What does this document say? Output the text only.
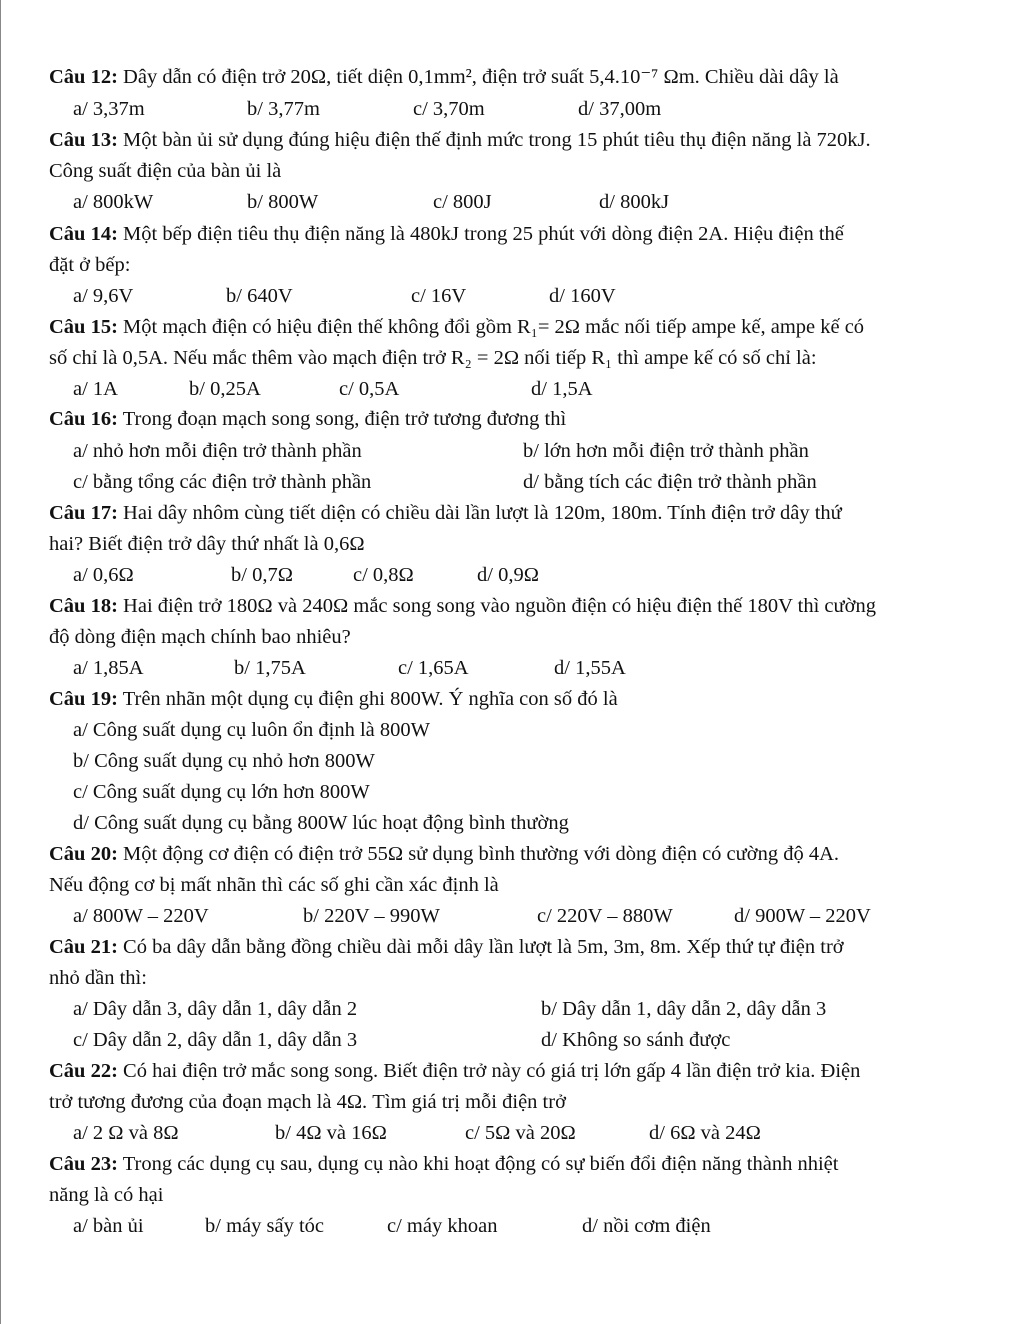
Câu 12: Dây dẫn có điện trở 20Ω, tiết diện 0,1mm², điện trở suất 5,4.10⁻⁷ Ωm. Chiều dài dây là
a/ 3,37m	b/ 3,77m	c/ 3,70m	d/ 37,00m
Câu 13: Một bàn ủi sử dụng đúng hiệu điện thế định mức trong 15 phút tiêu thụ điện năng là 720kJ.
Công suất điện của bàn ủi là
a/ 800kW	b/ 800W	c/ 800J	d/ 800kJ
Câu 14: Một bếp điện tiêu thụ điện năng là 480kJ trong 25 phút với dòng điện 2A. Hiệu điện thế
đặt ở bếp:
a/ 9,6V	b/ 640V	c/ 16V	d/ 160V
Câu 15: Một mạch điện có hiệu điện thế không đổi gồm R₁= 2Ω mắc nối tiếp ampe kế, ampe kế có
số chỉ là 0,5A. Nếu mắc thêm vào mạch điện trở R₂ = 2Ω nối tiếp R₁ thì ampe kế có số chỉ là:
a/ 1A	b/ 0,25A	c/ 0,5A	d/ 1,5A
Câu 16: Trong đoạn mạch song song, điện trở tương đương thì
a/ nhỏ hơn mỗi điện trở thành phần	b/ lớn hơn mỗi điện trở thành phần
c/ bằng tổng các điện trở thành phần	d/ bằng tích các điện trở thành phần
Câu 17: Hai dây nhôm cùng tiết diện có chiều dài lần lượt là 120m, 180m. Tính điện trở dây thứ
hai? Biết điện trở dây thứ nhất là 0,6Ω
a/ 0,6Ω	b/ 0,7Ω	c/ 0,8Ω	d/ 0,9Ω
Câu 18: Hai điện trở 180Ω và 240Ω mắc song song vào nguồn điện có hiệu điện thế 180V thì cường
độ dòng điện mạch chính bao nhiêu?
a/ 1,85A	b/ 1,75A	c/ 1,65A	d/ 1,55A
Câu 19: Trên nhãn một dụng cụ điện ghi 800W. Ý nghĩa con số đó là
a/ Công suất dụng cụ luôn ổn định là 800W
b/ Công suất dụng cụ nhỏ hơn 800W
c/ Công suất dụng cụ lớn hơn 800W
d/ Công suất dụng cụ bằng 800W lúc hoạt động bình thường
Câu 20: Một động cơ điện có điện trở 55Ω sử dụng bình thường với dòng điện có cường độ 4A.
Nếu động cơ bị mất nhãn thì các số ghi cần xác định là
a/ 800W – 220V	b/ 220V – 990W	c/ 220V – 880W	d/ 900W – 220V
Câu 21: Có ba dây dẫn bằng đồng chiều dài mỗi dây lần lượt là 5m, 3m, 8m. Xếp thứ tự điện trở
nhỏ dần thì:
a/ Dây dẫn 3, dây dẫn 1, dây dẫn 2	b/ Dây dẫn 1, dây dẫn 2, dây dẫn 3
c/ Dây dẫn 2, dây dẫn 1, dây dẫn 3	d/ Không so sánh được
Câu 22: Có hai điện trở mắc song song. Biết điện trở này có giá trị lớn gấp 4 lần điện trở kia. Điện
trở tương đương của đoạn mạch là 4Ω. Tìm giá trị mỗi điện trở
a/ 2 Ω và 8Ω	b/ 4Ω và 16Ω	c/ 5Ω và 20Ω	d/ 6Ω và 24Ω
Câu 23: Trong các dụng cụ sau, dụng cụ nào khi hoạt động có sự biến đổi điện năng thành nhiệt
năng là có hại
a/ bàn ủi	b/ máy sấy tóc	c/ máy khoan	d/ nồi cơm điện
